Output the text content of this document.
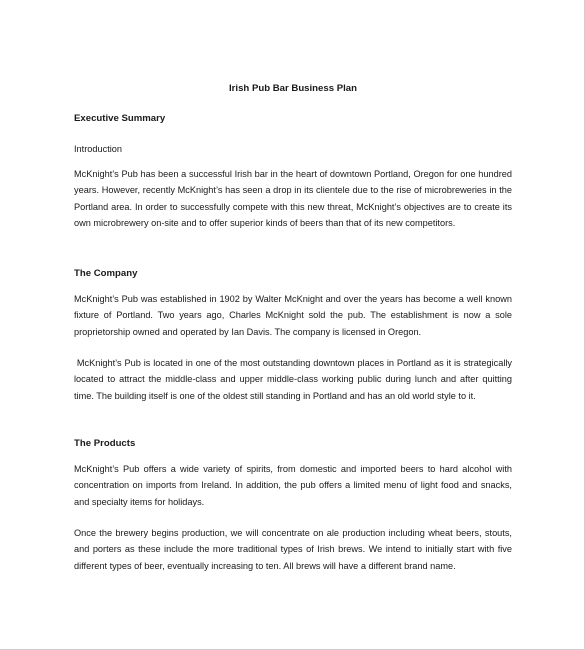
Irish Pub Bar Business Plan
Executive Summary

Introduction

McKnight’s Pub has been a successful Irish bar in the heart of downtown Portland, Oregon for one hundred years. However, recently McKnight’s has seen a drop in its clientele due to the rise of microbreweries in the Portland area. In order to successfully compete with this new threat, McKnight’s objectives are to create its own microbrewery on-site and to offer superior kinds of beers than that of its new competitors.

The Company

McKnight’s Pub was established in 1902 by Walter McKnight and over the years has become a well known fixture of Portland. Two years ago, Charles McKnight sold the pub. The establishment is now a sole proprietorship owned and operated by Ian Davis. The company is licensed in Oregon.

McKnight’s Pub is located in one of the most outstanding downtown places in Portland as it is strategically located to attract the middle-class and upper middle-class working public during lunch and after quitting time. The building itself is one of the oldest still standing in Portland and has an old world style to it.

The Products

McKnight’s Pub offers a wide variety of spirits, from domestic and imported beers to hard alcohol with concentration on imports from Ireland. In addition, the pub offers a limited menu of light food and snacks, and specialty items for holidays.

Once the brewery begins production, we will concentrate on ale production including wheat beers, stouts, and porters as these include the more traditional types of Irish brews. We intend to initially start with five different types of beer, eventually increasing to ten. All brews will have a different brand name.
